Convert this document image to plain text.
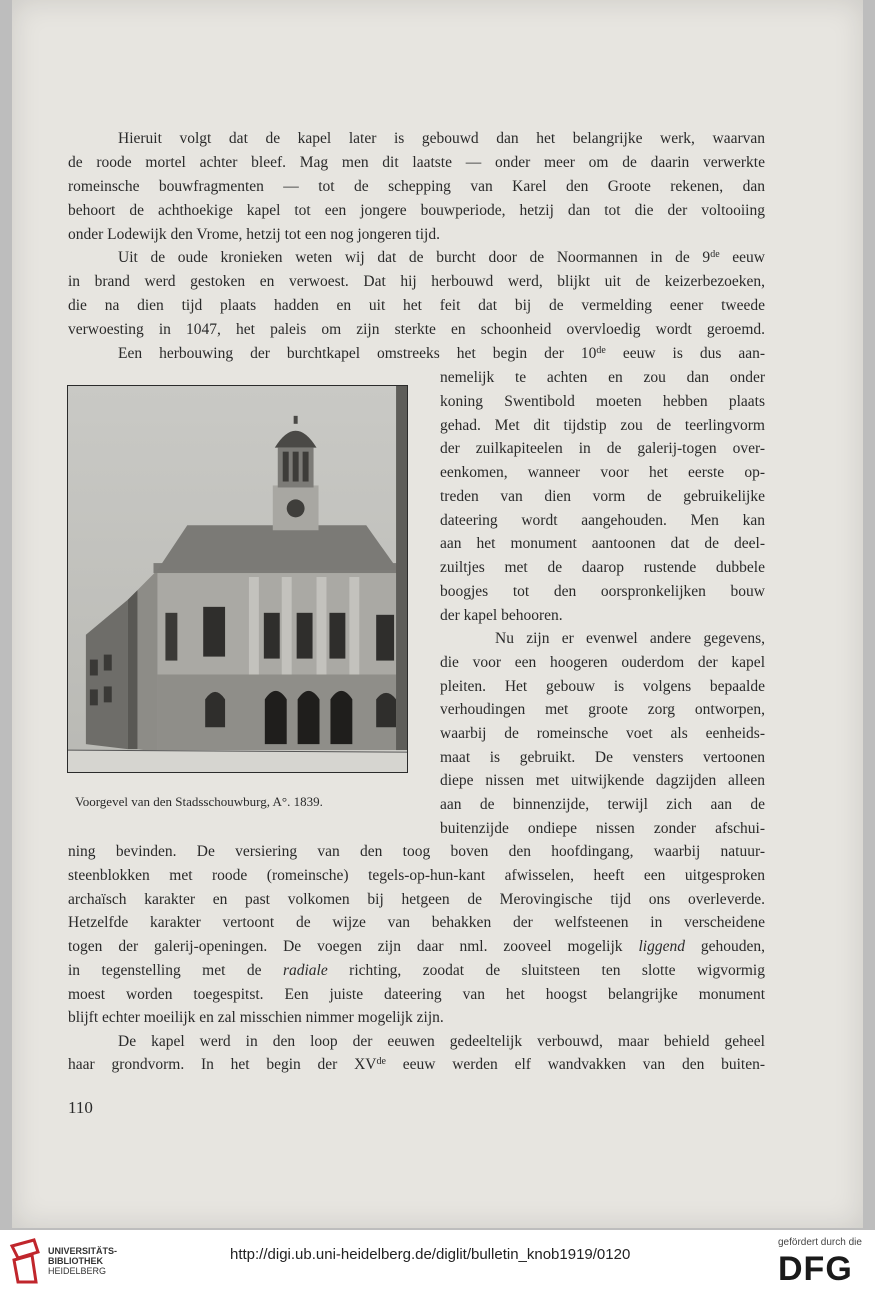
Hieruit volgt dat de kapel later is gebouwd dan het belangrijke werk, waarvan
de roode mortel achter bleef. Mag men dit laatste — onder meer om de daarin verwerkte
romeinsche bouwfragmenten — tot de schepping van Karel den Groote rekenen, dan
behoort de achthoekige kapel tot een jongere bouwperiode, hetzij dan tot die der voltooiing
onder Lodewijk den Vrome, hetzij tot een nog jongeren tijd.
Uit de oude kronieken weten wij dat de burcht door de Noormannen in de 9de eeuw
in brand werd gestoken en verwoest. Dat hij herbouwd werd, blijkt uit de keizerbezoeken,
die na dien tijd plaats hadden en uit het feit dat bij de vermelding eener tweede
verwoesting in 1047, het paleis om zijn sterkte en schoonheid overvloedig wordt geroemd.
Een herbouwing der burchtkapel omstreeks het begin der 10de eeuw is dus aan-
nemelijk te achten en zou dan onder
koning Swentibold moeten hebben plaats
gehad. Met dit tijdstip zou de teerlingvorm
der zuilkapiteelen in de galerij-togen over-
eenkomen, wanneer voor het eerste op-
treden van dien vorm de gebruikelijke
dateering wordt aangehouden. Men kan
aan het monument aantoonen dat de deel-
zuiltjes met de daarop rustende dubbele
boogjes tot den oorspronkelijken bouw
der kapel behooren.
Nu zijn er evenwel andere gegevens,
die voor een hoogeren ouderdom der kapel
pleiten. Het gebouw is volgens bepaalde
verhoudingen met groote zorg ontworpen,
waarbij de romeinsche voet als eenheids-
maat is gebruikt. De vensters vertoonen
diepe nissen met uitwijkende dagzijden alleen
aan de binnenzijde, terwijl zich aan de
buitenzijde ondiepe nissen zonder afschui-
Voorgevel van den Stadsschouwburg, A°. 1839.
ning bevinden. De versiering van den toog boven den hoofdingang, waarbij natuur-
steenblokken met roode (romeinsche) tegels-op-hun-kant afwisselen, heeft een uitgesproken
archaïsch karakter en past volkomen bij hetgeen de Merovingische tijd ons overleverde.
Hetzelfde karakter vertoont de wijze van behakken der welfsteenen in verscheidene
togen der galerij-openingen. De voegen zijn daar nml. zooveel mogelijk liggend gehouden,
in tegenstelling met de radiale richting, zoodat de sluitsteen ten slotte wigvormig
moest worden toegespitst. Een juiste dateering van het hoogst belangrijke monument
blijft echter moeilijk en zal misschien nimmer mogelijk zijn.
De kapel werd in den loop der eeuwen gedeeltelijk verbouwd, maar behield geheel
haar grondvorm. In het begin der XVde eeuw werden elf wandvakken van den buiten-
110
UNIVERSITÄTS-
BIBLIOTHEK
HEIDELBERG
http://digi.ub.uni-heidelberg.de/diglit/bulletin_knob1919/0120
gefördert durch die
DFG
